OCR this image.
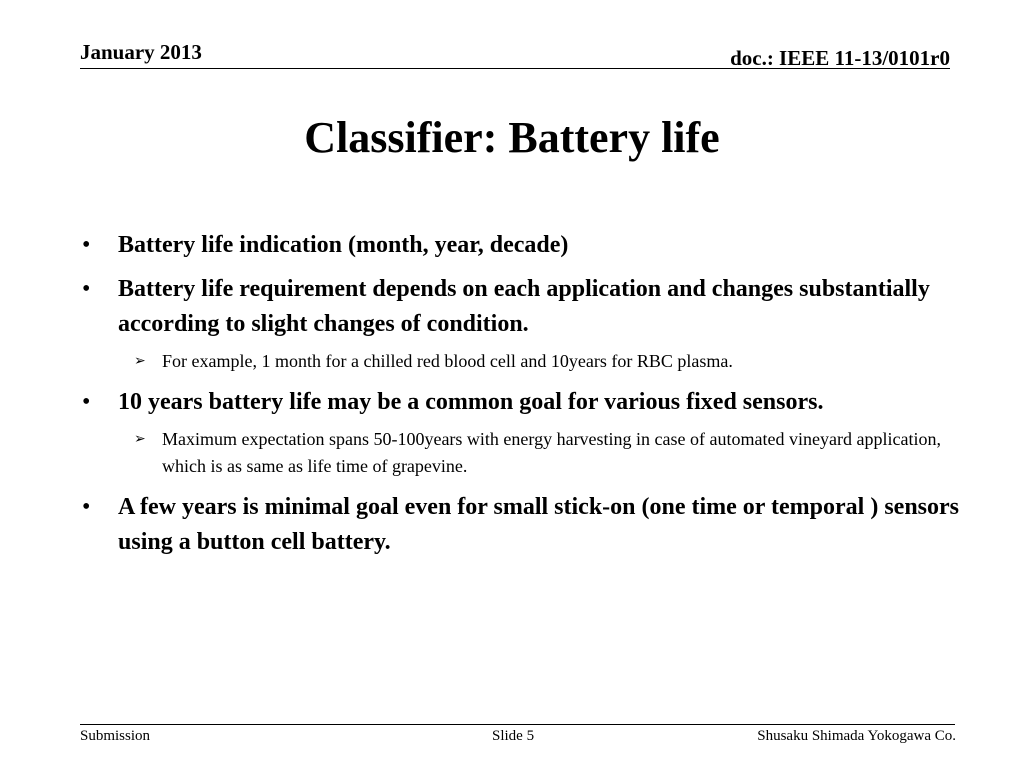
January 2013	doc.: IEEE 11-13/0101r0
Classifier: Battery life
• Battery life indication (month, year, decade)
• Battery life requirement depends on each application and changes substantially according to slight changes of condition.
➢ For example, 1 month for a chilled red blood cell and 10years for RBC plasma.
• 10 years battery life may be a common goal for various fixed sensors.
➢ Maximum expectation spans 50-100years with energy harvesting in case of automated vineyard application, which is as same as life time of grapevine.
• A few years is minimal goal even for small stick-on (one time or temporal ) sensors using a button cell battery.
Submission	Slide 5	Shusaku Shimada Yokogawa Co.
